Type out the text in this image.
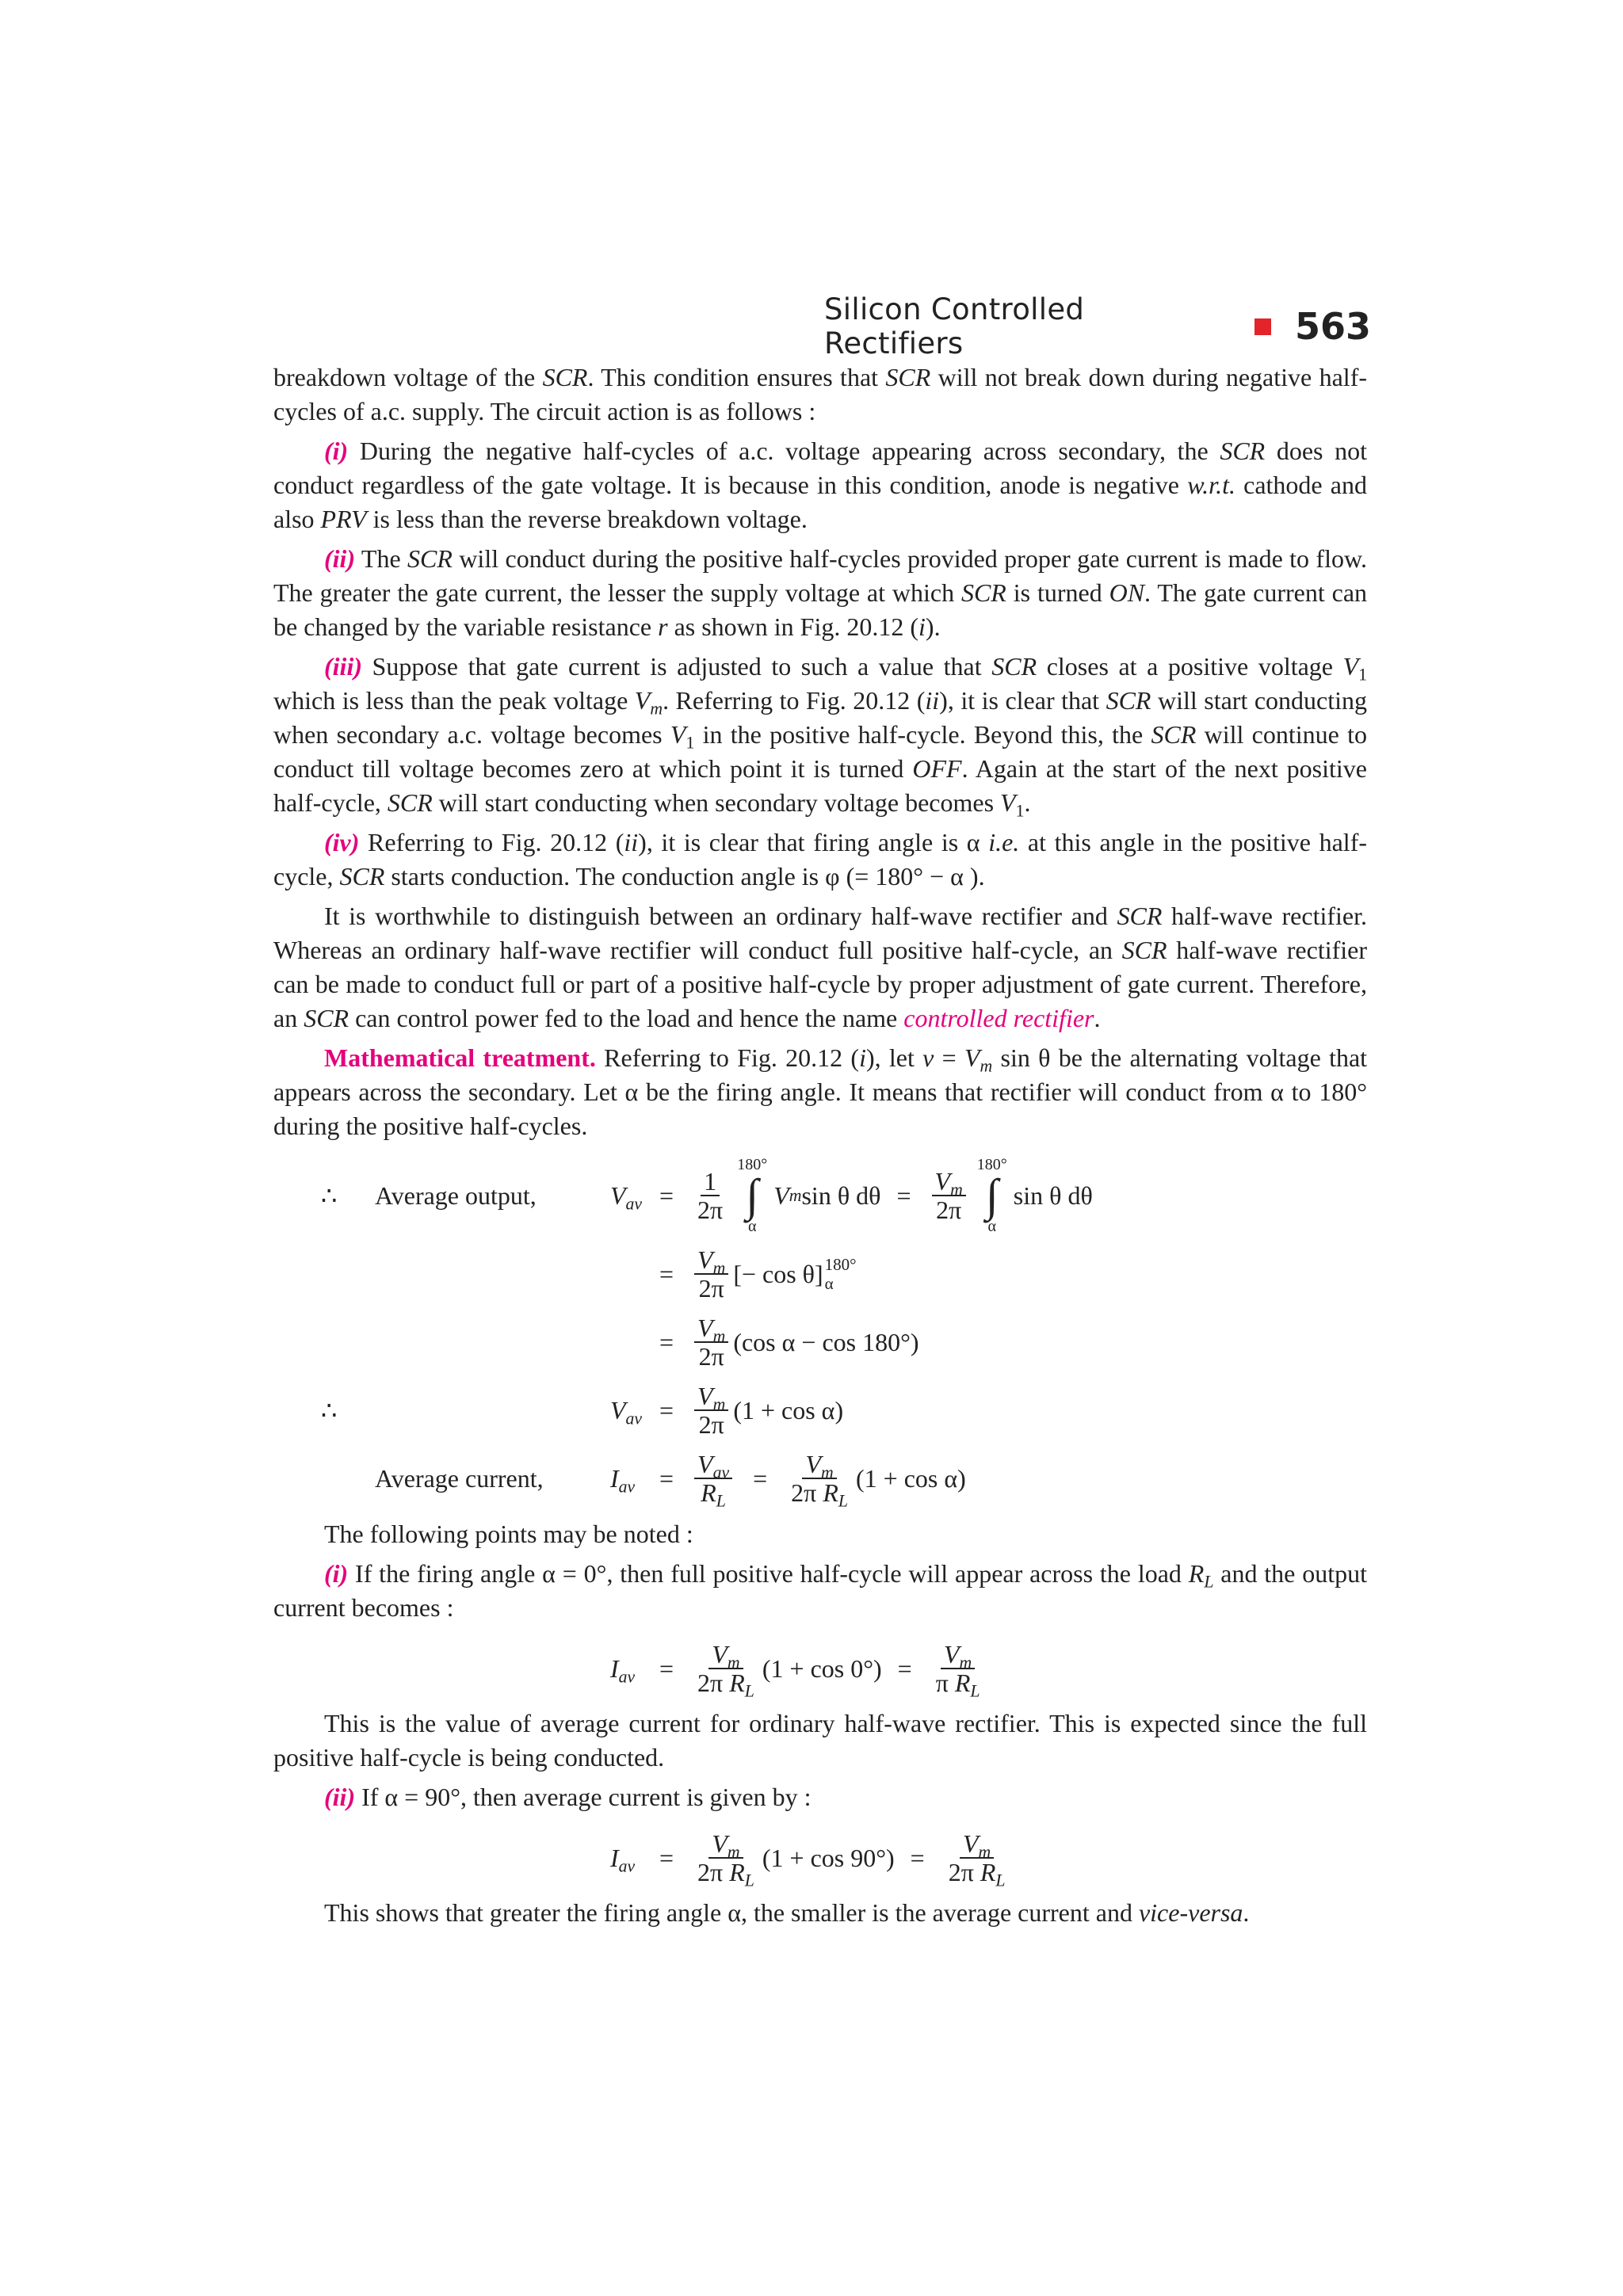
Silicon Controlled Rectifiers	563

breakdown voltage of the SCR. This condition ensures that SCR will not break down during negative half-cycles of a.c. supply. The circuit action is as follows :

(i) During the negative half-cycles of a.c. voltage appearing across secondary, the SCR does not conduct regardless of the gate voltage. It is because in this condition, anode is negative w.r.t. cathode and also PRV is less than the reverse breakdown voltage.

(ii) The SCR will conduct during the positive half-cycles provided proper gate current is made to flow. The greater the gate current, the lesser the supply voltage at which SCR is turned ON. The gate current can be changed by the variable resistance r as shown in Fig. 20.12 (i).

(iii) Suppose that gate current is adjusted to such a value that SCR closes at a positive voltage $V_1$ which is less than the peak voltage $V_m$. Referring to Fig. 20.12 (ii), it is clear that SCR will start conducting when secondary a.c. voltage becomes $V_1$ in the positive half-cycle. Beyond this, the SCR will continue to conduct till voltage becomes zero at which point it is turned OFF. Again at the start of the next positive half-cycle, SCR will start conducting when secondary voltage becomes $V_1$.

(iv) Referring to Fig. 20.12 (ii), it is clear that firing angle is α i.e. at this angle in the positive half-cycle, SCR starts conduction. The conduction angle is φ (= 180° − α ).

It is worthwhile to distinguish between an ordinary half-wave rectifier and SCR half-wave rectifier. Whereas an ordinary half-wave rectifier will conduct full positive half-cycle, an SCR half-wave rectifier can be made to conduct full or part of a positive half-cycle by proper adjustment of gate current. Therefore, an SCR can control power fed to the load and hence the name controlled rectifier.

Mathematical treatment. Referring to Fig. 20.12 (i), let $v = V_m$ sin θ be the alternating voltage that appears across the secondary. Let α be the firing angle. It means that rectifier will conduct from α to 180° during the positive half-cycles.

∴ Average output,	$V_{av} = \frac{1}{2\pi}$
180°
∫
α
V m sin θ $d\theta = \frac{V_m}{2\pi}$
180°
∫
α
sin θ dθ
= $\frac{V_m}{2\pi}$ [− cos θ] 180°
α
= $\frac{V_m}{2\pi} (\cos$ α − cos 180°)
∴	$V_{av} = \frac{V_m}{2\pi} (1 + \cos \alpha)$
Average current,	$I_{av} = \frac{V_{av}}{R_L} = \frac{V_m}{2\pi R_L} (1 + \cos \alpha)$

The following points may be noted :

(i) If the firing angle α = 0°, then full positive half-cycle will appear across the load $R_L$ and the output current becomes :

$I_{av} = \frac{V_m}{2\pi R_L} (1 + \cos 0^\circ) = \frac{V_m}{\pi R_L}$

This is the value of average current for ordinary half-wave rectifier. This is expected since the full positive half-cycle is being conducted.

(ii) If α = 90°, then average current is given by :

$I_{av} = \frac{V_m}{2\pi R_L} (1 + \cos 90^\circ) = \frac{V_m}{2\pi R_L}$

This shows that greater the firing angle α, the smaller is the average current and vice-versa.
